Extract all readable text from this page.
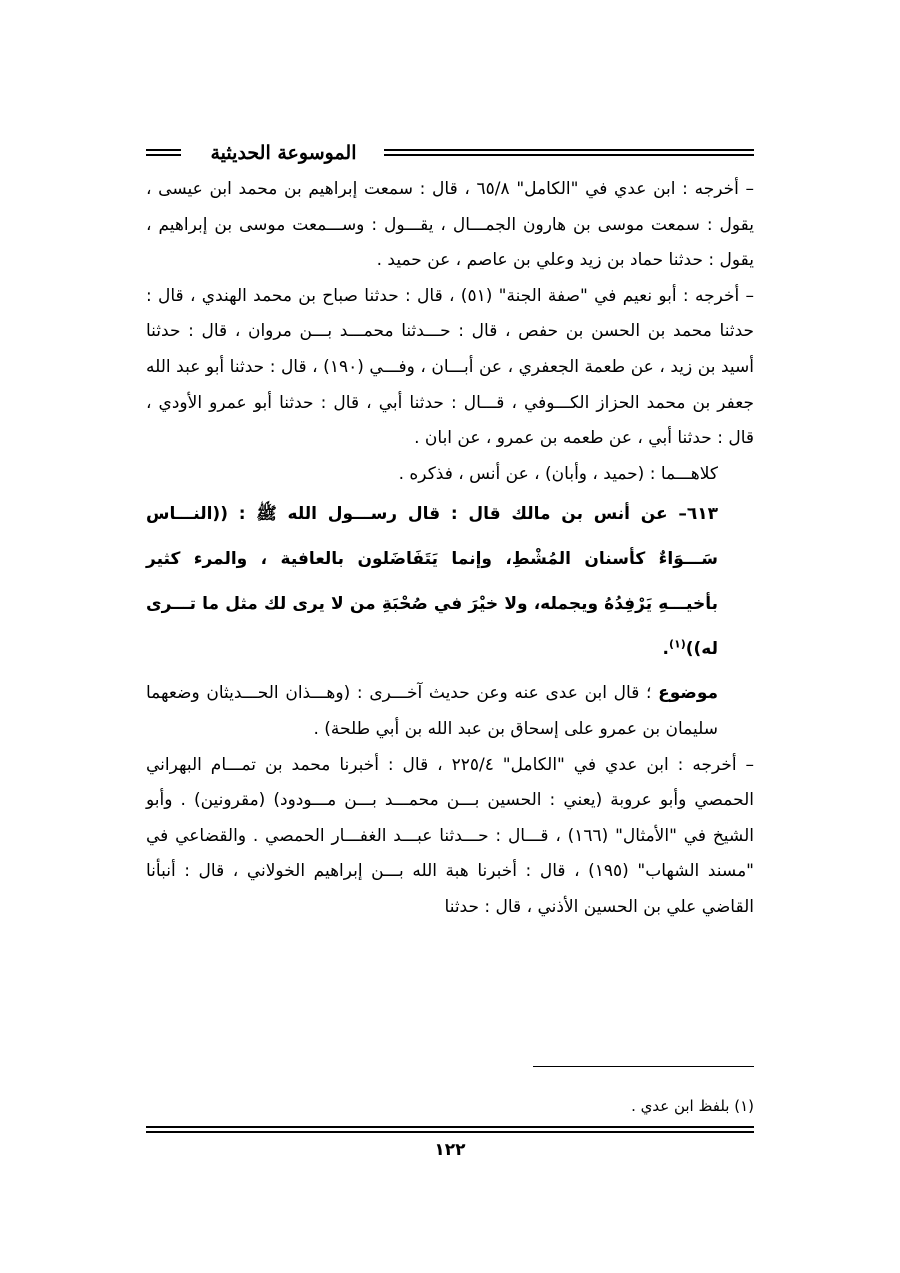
الموسوعة الحديثية

– أخرجه : ابن عدي في "الكامل" ٦٥/٨ ، قال : سمعت إبراهيم بن محمد ابن عيسى ، يقول : سمعت موسى بن هارون الجمـــال ، يقـــول : وســـمعت موسى بن إبراهيم ، يقول : حدثنا حماد بن زيد وعلي بن عاصم ، عن حميد .

– أخرجه : أبو نعيم في "صفة الجنة" (٥١) ، قال : حدثنا صباح بن محمد الهندي ، قال : حدثنا محمد بن الحسن بن حفص ، قال : حـــدثنا محمـــد بـــن مروان ، قال : حدثنا أسيد بن زيد ، عن طعمة الجعفري ، عن أبـــان ، وفـــي (١٩٠) ، قال : حدثنا أبو عبد الله جعفر بن محمد الحزاز الكـــوفي ، قـــال : حدثنا أبي ، قال : حدثنا أبو عمرو الأودي ، قال : حدثنا أبي ، عن طعمه بن عمرو ، عن ابان .

كلاهـــما : (حميد ، وأبان) ، عن أنس ، فذكره .

٦١٣– عن أنس بن مالك قال : قال رســـول الله ﷺ : ((النـــاس سَـــوَاءٌ كأسنان المُشْطِ، وإنما يَتَفَاضَلون بالعافية ، والمرء كثير بأخيـــهِ يَرْفِدُهُ ويجمله، ولا خيْرَ في صُحْبَةِ من لا يرى لك مثل ما تـــرى له))$^{(١)}$.

موضوع ؛ قال ابن عدى عنه وعن حديث آخـــرى : (وهـــذان الحـــديثان وضعهما سليمان بن عمرو على إسحاق بن عبد الله بن أبي طلحة) .

– أخرجه : ابن عدي في "الكامل" ٢٢٥/٤ ، قال : أخبرنا محمد بن تمـــام البهراني الحمصي وأبو عروبة (يعني : الحسين بـــن محمـــد بـــن مـــودود) (مقرونين) . وأبو الشيخ في "الأمثال" (١٦٦) ، قـــال : حـــدثنا عبـــد الغفـــار الحمصي . والقضاعي في "مسند الشهاب" (١٩٥) ، قال : أخبرنا هبة الله بـــن إبراهيم الخولاني ، قال : أنبأنا القاضي علي بن الحسين الأذني ، قال : حدثنا

(١) بلفظ ابن عدي .
١٢٢
